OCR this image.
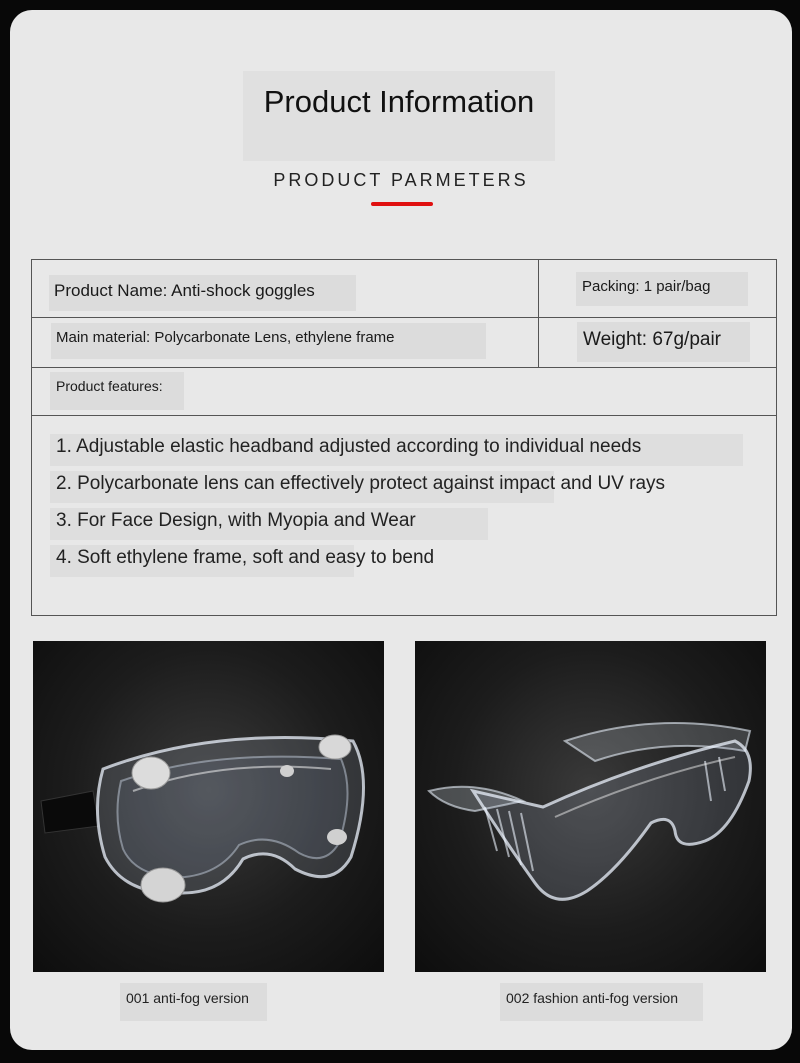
Product Information
PRODUCT PARMETERS
Product Name: Anti-shock goggles	Packing: 1 pair/bag
Main material: Polycarbonate Lens, ethylene frame	Weight: 67g/pair
Product features:
1. Adjustable elastic headband adjusted according to individual needs
2. Polycarbonate lens can effectively protect against impact and UV rays
3. For Face Design, with Myopia and Wear
4. Soft ethylene frame, soft and easy to bend
001 anti-fog version	002 fashion anti-fog version
